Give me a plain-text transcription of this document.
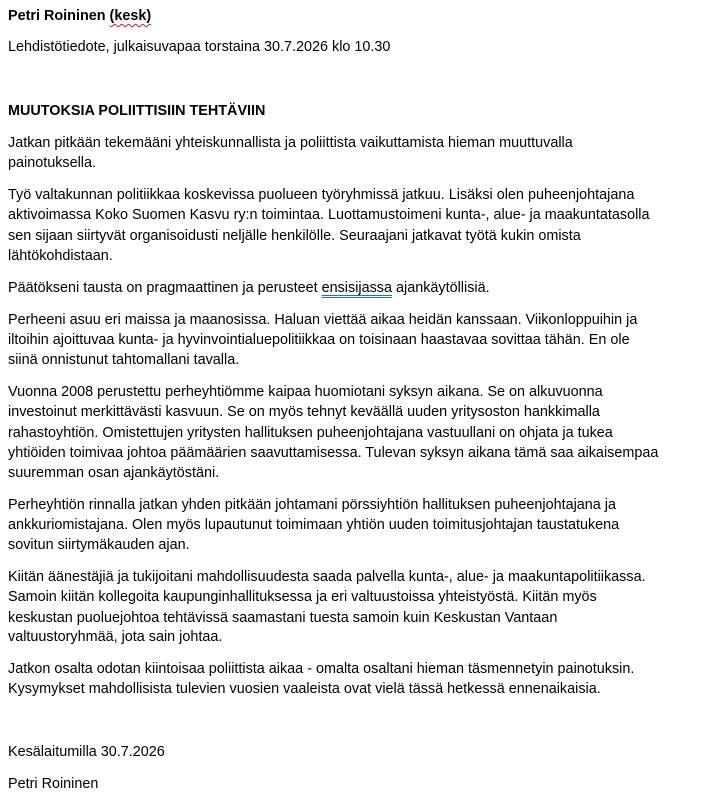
Petri Roininen (kesk)
Lehdistötiedote, julkaisuvapaa torstaina 30.7.2026 klo 10.30
MUUTOKSIA POLIITTISIIN TEHTÄVIIN
Jatkan pitkään tekemääni yhteiskunnallista ja poliittista vaikuttamista hieman muuttuvalla
painotuksella.
Työ valtakunnan politiikkaa koskevissa puolueen työryhmissä jatkuu. Lisäksi olen puheenjohtajana
aktivoimassa Koko Suomen Kasvu ry:n toimintaa. Luottamustoimeni kunta-, alue- ja maakuntatasolla
sen sijaan siirtyvät organisoidusti neljälle henkilölle. Seuraajani jatkavat työtä kukin omista
lähtökohdistaan.
Päätökseni tausta on pragmaattinen ja perusteet ensisijassa ajankäytöllisiä.
Perheeni asuu eri maissa ja maanosissa. Haluan viettää aikaa heidän kanssaan. Viikonloppuihin ja
iltoihin ajoittuvaa kunta- ja hyvinvointialuepolitiikkaa on toisinaan haastavaa sovittaa tähän. En ole
siinä onnistunut tahtomallani tavalla.
Vuonna 2008 perustettu perheyhtiömme kaipaa huomiotani syksyn aikana. Se on alkuvuonna
investoinut merkittävästi kasvuun. Se on myös tehnyt keväällä uuden yritysoston hankkimalla
rahastoyhtiön. Omistettujen yritysten hallituksen puheenjohtajana vastuullani on ohjata ja tukea
yhtiöiden toimivaa johtoa päämäärien saavuttamisessa. Tulevan syksyn aikana tämä saa aikaisempaa
suuremman osan ajankäytöstäni.
Perheyhtiön rinnalla jatkan yhden pitkään johtamani pörssiyhtiön hallituksen puheenjohtajana ja
ankkuriomistajana. Olen myös lupautunut toimimaan yhtiön uuden toimitusjohtajan taustatukena
sovitun siirtymäkauden ajan.
Kiitän äänestäjiä ja tukijoitani mahdollisuudesta saada palvella kunta-, alue- ja maakuntapolitiikassa.
Samoin kiitän kollegoita kaupunginhallituksessa ja eri valtuustoissa yhteistyöstä. Kiitän myös
keskustan puoluejohtoa tehtävissä saamastani tuesta samoin kuin Keskustan Vantaan
valtuustoryhmää, jota sain johtaa.
Jatkon osalta odotan kiintoisaa poliittista aikaa - omalta osaltani hieman täsmennetyin painotuksin.
Kysymykset mahdollisista tulevien vuosien vaaleista ovat vielä tässä hetkessä ennenaikaisia.
Kesälaitumilla 30.7.2026
Petri Roininen
